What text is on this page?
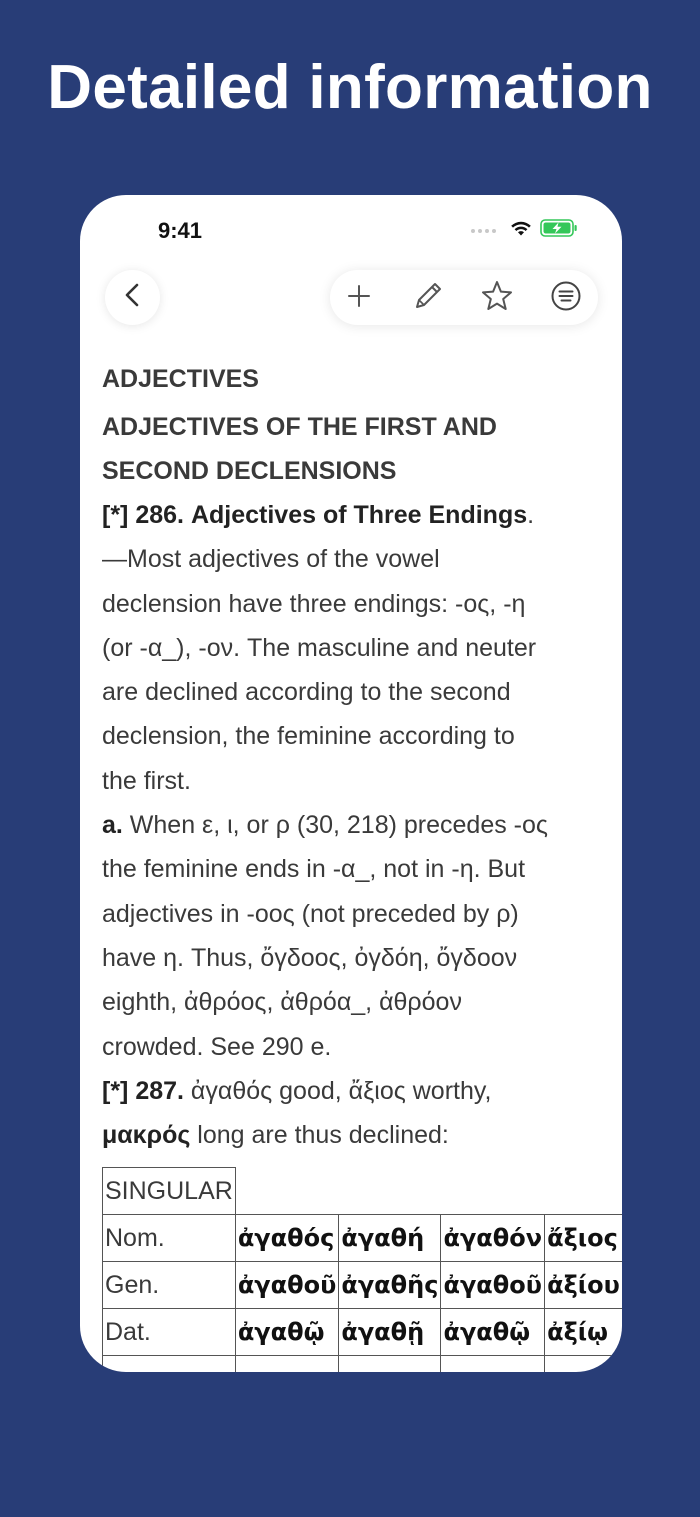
Detailed information
9:41
ADJECTIVES
ADJECTIVES OF THE FIRST AND
SECOND DECLENSIONS
[*] 286. Adjectives of Three Endings.
—Most adjectives of the vowel
declension have three endings: -ος, -η
(or -α_), -ον. The masculine and neuter
are declined according to the second
declension, the feminine according to
the first.
a. When ε, ι, or ρ (30, 218) precedes -ος
the feminine ends in -α_, not in -η. But
adjectives in -οος (not preceded by ρ)
have η. Thus, ὄγδοος, ὀγδόη, ὄγδοον
eighth, ἀθρόος, ἀθρόα_, ἀθρόον
crowded. See 290 e.
[*] 287. ἀγαθός good, ἄξιος worthy,
μακρός long are thus declined:
SINGULAR				
Nom.	ἀγαθός	ἀγαθή	ἀγαθόν	ἄξιος
Gen.	ἀγαθοῦ	ἀγαθῆς	ἀγαθοῦ	ἀξίου
Dat.	ἀγαθῷ	ἀγαθῇ	ἀγαθῷ	ἀξίῳ
